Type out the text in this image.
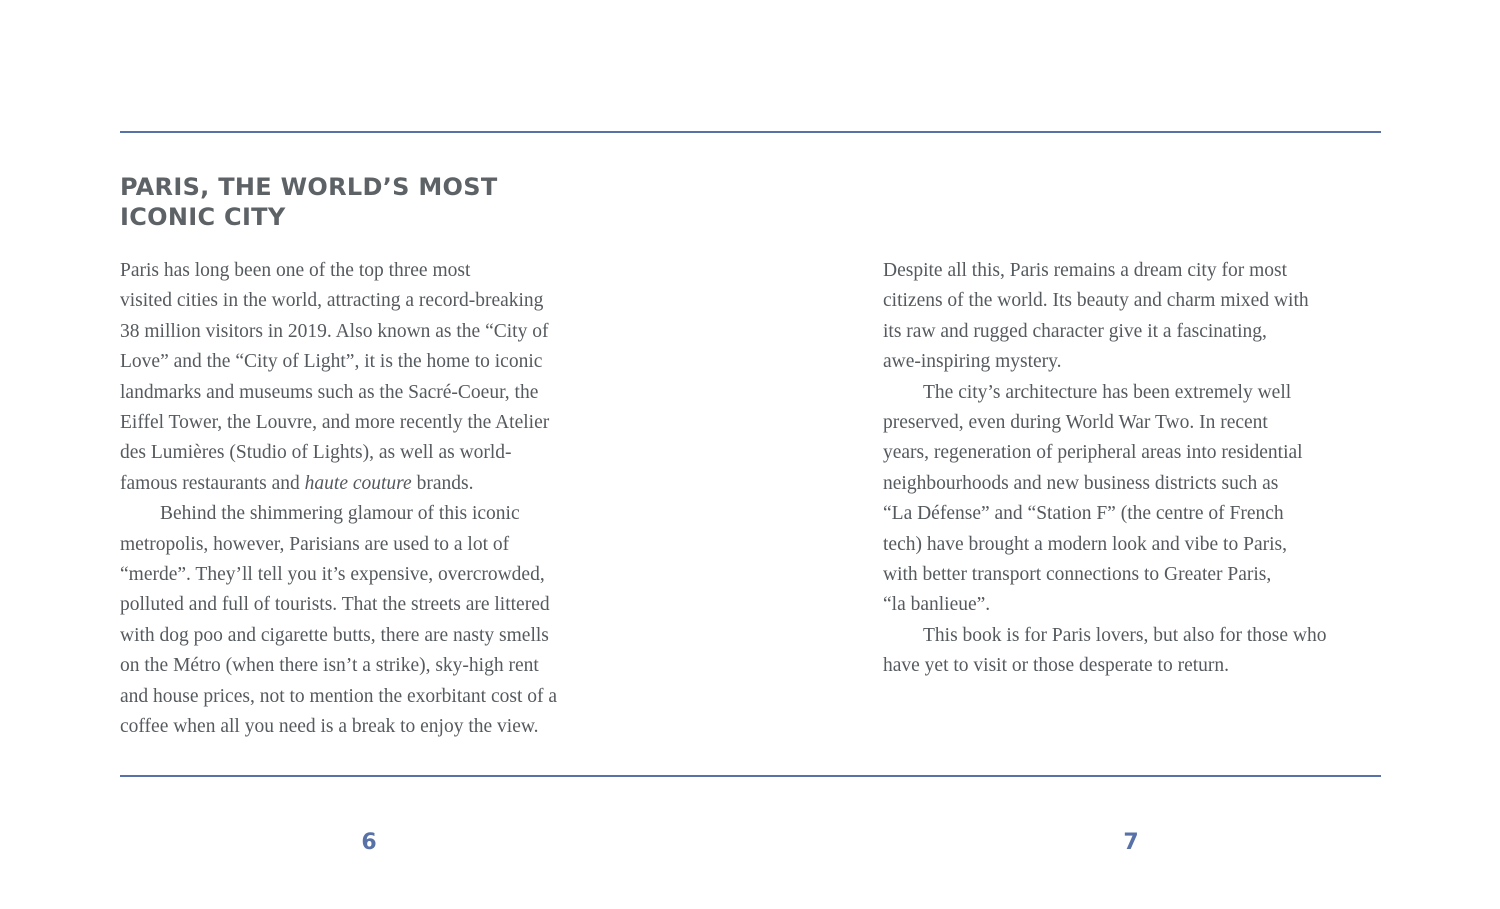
PARIS, THE WORLD’S MOST
ICONIC CITY
Paris has long been one of the top three most
visited cities in the world, attracting a record-breaking
38 million visitors in 2019. Also known as the “City of
Love” and the “City of Light”, it is the home to iconic
landmarks and museums such as the Sacré-Coeur, the
Eiffel Tower, the Louvre, and more recently the Atelier
des Lumières (Studio of Lights), as well as world-
famous restaurants and haute couture brands.
Behind the shimmering glamour of this iconic
metropolis, however, Parisians are used to a lot of
“merde”. They’ll tell you it’s expensive, overcrowded,
polluted and full of tourists. That the streets are littered
with dog poo and cigarette butts, there are nasty smells
on the Métro (when there isn’t a strike), sky-high rent
and house prices, not to mention the exorbitant cost of a
coffee when all you need is a break to enjoy the view.
Despite all this, Paris remains a dream city for most
citizens of the world. Its beauty and charm mixed with
its raw and rugged character give it a fascinating,
awe-inspiring mystery.
The city’s architecture has been extremely well
preserved, even during World War Two. In recent
years, regeneration of peripheral areas into residential
neighbourhoods and new business districts such as
“La Défense” and “Station F” (the centre of French
tech) have brought a modern look and vibe to Paris,
with better transport connections to Greater Paris,
“la banlieue”.
This book is for Paris lovers, but also for those who
have yet to visit or those desperate to return.
6	7
